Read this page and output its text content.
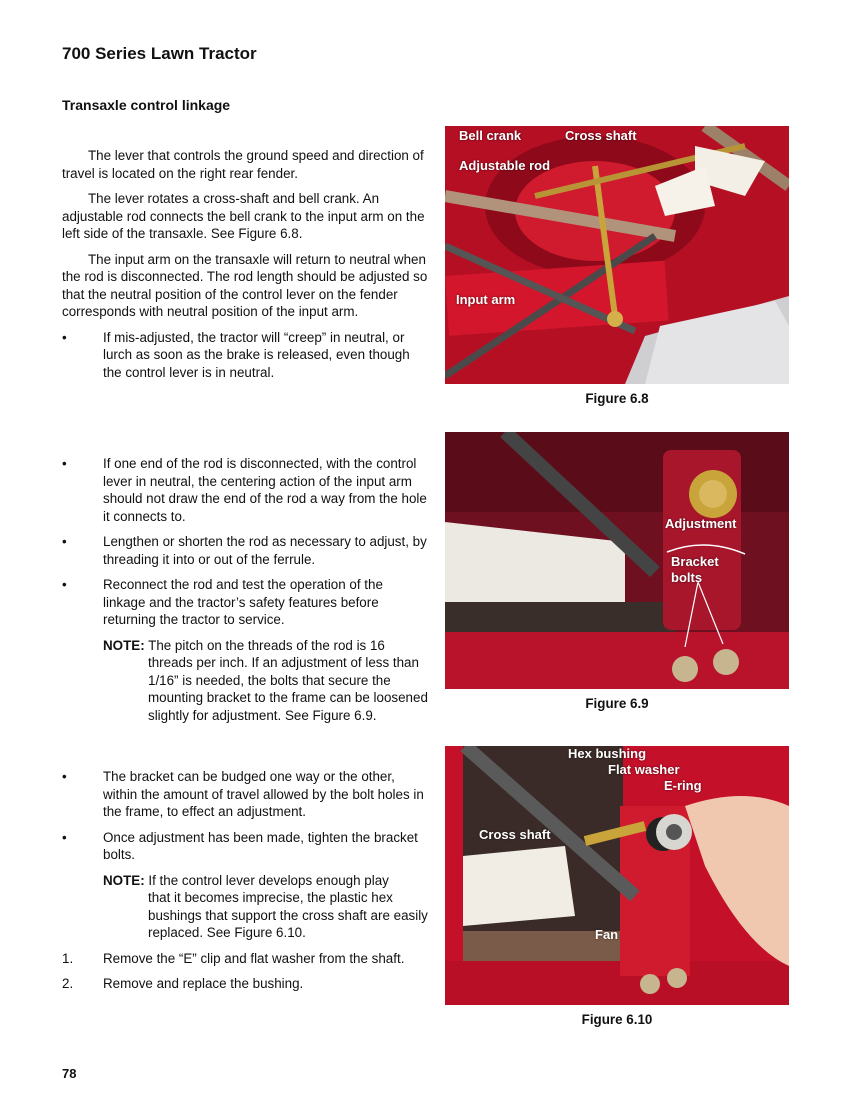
700 Series Lawn Tractor
Transaxle control linkage

The lever that controls the ground speed and direction of travel is located on the right rear fender.

The lever rotates a cross-shaft and bell crank. An adjustable rod connects the bell crank to the input arm on the left side of the transaxle. See Figure 6.8.

The input arm on the transaxle will return to neutral when the rod is disconnected. The rod length should be adjusted so that the neutral position of the control lever on the fender corresponds with neutral position of the input arm.

•	If mis-adjusted, the tractor will “creep” in neutral, or lurch as soon as the brake is released, even though the control lever is in neutral.
•	If one end of the rod is disconnected, with the control lever in neutral, the centering action of the input arm should not draw the end of the rod a way from the hole it connects to.
•	Lengthen or shorten the rod as necessary to adjust, by threading it into or out of the ferrule.
•	Reconnect the rod and test the operation of the linkage and the tractor’s safety features before returning the tractor to service.
NOTE: The pitch on the threads of the rod is 16
threads per inch. If an adjustment of less than 1/16” is needed, the bolts that secure the mounting bracket to the frame can be loosened slightly for adjustment. See Figure 6.9.
•	The bracket can be budged one way or the other, within the amount of travel allowed by the bolt holes in the frame, to effect an adjustment.
•	Once adjustment has been made, tighten the bracket bolts.
NOTE: If the control lever develops enough play
that it becomes imprecise, the plastic hex bushings that support the cross shaft are easily replaced. See Figure 6.10.
1.	Remove the “E” clip and flat washer from the shaft.
2.	Remove and replace the bushing.
Bell crank	Cross shaft
Adjustable rod
Input arm
Figure 6.8
Adjustment
Bracket
bolts
Figure 6.9
Hex bushing
Flat washer
E-ring
Cross shaft
Fan
Figure 6.10
78
